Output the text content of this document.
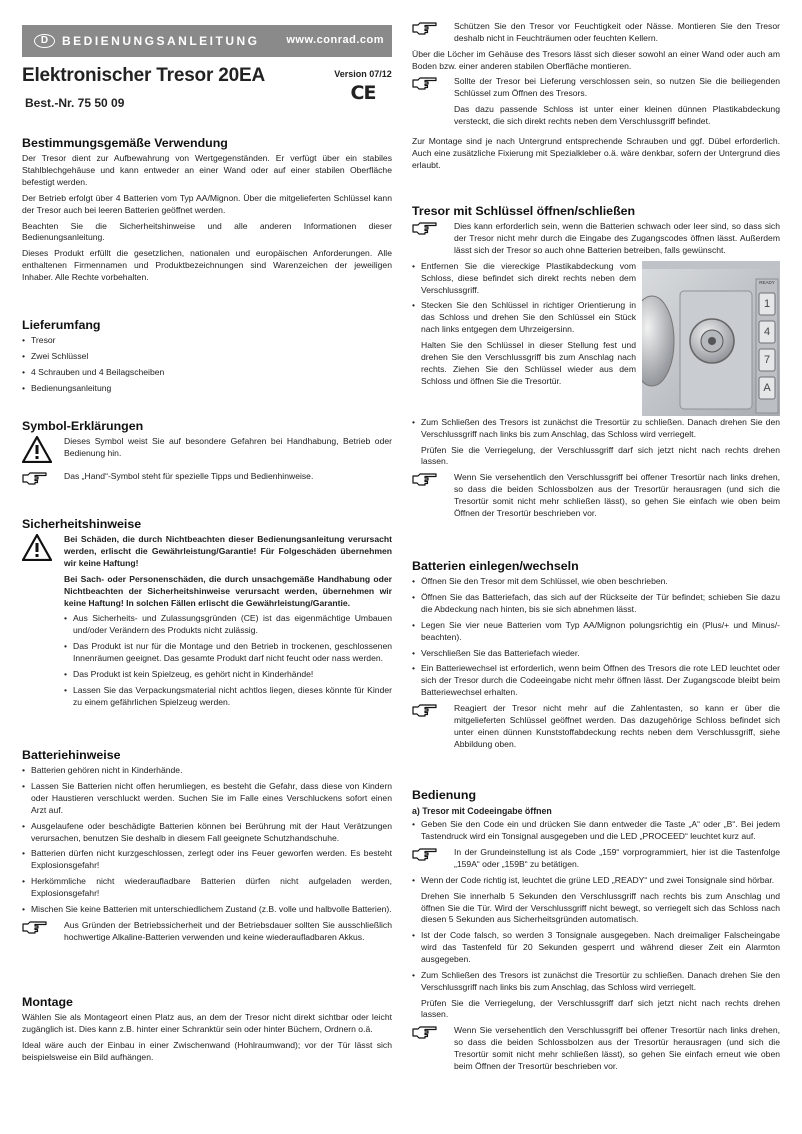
D	BEDIENUNGSANLEITUNG	www.conrad.com
Elektronischer Tresor 20EA	Version 07/12
CE
Best.-Nr. 75 50 09
Bestimmungsgemäße Verwendung

Der Tresor dient zur Aufbewahrung von Wertgegenständen. Er verfügt über ein stabiles Stahlblechgehäuse und kann entweder an einer Wand oder auf einer stabilen Oberfläche befestigt werden.

Der Betrieb erfolgt über 4 Batterien vom Typ AA/Mignon. Über die mitgelieferten Schlüssel kann der Tresor auch bei leeren Batterien geöffnet werden.

Beachten Sie die Sicherheitshinweise und alle anderen Informationen dieser Bedienungsanleitung.

Dieses Produkt erfüllt die gesetzlichen, nationalen und europäischen Anforderungen. Alle enthaltenen Firmennamen und Produktbezeichnungen sind Warenzeichen der jeweiligen Inhaber. Alle Rechte vorbehalten.

Lieferumfang
• Tresor
• Zwei Schlüssel
• 4 Schrauben und 4 Beilagscheiben
• Bedienungsanleitung
Symbol-Erklärungen
Dieses Symbol weist Sie auf besondere Gefahren bei Handhabung, Betrieb oder Bedienung hin.
Das „Hand“-Symbol steht für spezielle Tipps und Bedienhinweise.
Sicherheitshinweise

Bei Schäden, die durch Nichtbeachten dieser Bedienungsanleitung verursacht werden, erlischt die Gewährleistung/Garantie! Für Folgeschäden übernehmen wir keine Haftung!

Bei Sach- oder Personenschäden, die durch unsachgemäße Handhabung oder Nichtbeachten der Sicherheitshinweise verursacht werden, übernehmen wir keine Haftung! In solchen Fällen erlischt die Gewährleistung/Garantie.

• Aus Sicherheits- und Zulassungsgründen (CE) ist das eigenmächtige Umbauen und/oder Verändern des Produkts nicht zulässig.
• Das Produkt ist nur für die Montage und den Betrieb in trockenen, geschlossenen Innenräumen geeignet. Das gesamte Produkt darf nicht feucht oder nass werden.
• Das Produkt ist kein Spielzeug, es gehört nicht in Kinderhände!
• Lassen Sie das Verpackungsmaterial nicht achtlos liegen, dieses könnte für Kinder zu einem gefährlichen Spielzeug werden.
Batteriehinweise
• Batterien gehören nicht in Kinderhände.
• Lassen Sie Batterien nicht offen herumliegen, es besteht die Gefahr, dass diese von Kindern oder Haustieren verschluckt werden. Suchen Sie im Falle eines Verschluckens sofort einen Arzt auf.
• Ausgelaufene oder beschädigte Batterien können bei Berührung mit der Haut Verätzungen verursachen, benutzen Sie deshalb in diesem Fall geeignete Schutzhandschuhe.
• Batterien dürfen nicht kurzgeschlossen, zerlegt oder ins Feuer geworfen werden. Es besteht Explosionsgefahr!
• Herkömmliche nicht wiederaufladbare Batterien dürfen nicht aufgeladen werden, Explosionsgefahr!
• Mischen Sie keine Batterien mit unterschiedlichem Zustand (z.B. volle und halbvolle Batterien).
Aus Gründen der Betriebssicherheit und der Betriebsdauer sollten Sie ausschließlich hochwertige Alkaline-Batterien verwenden und keine wiederaufladbaren Akkus.
Montage

Wählen Sie als Montageort einen Platz aus, an dem der Tresor nicht direkt sichtbar oder leicht zugänglich ist. Dies kann z.B. hinter einer Schranktür sein oder hinter Büchern, Ordnern o.ä.

Ideal wäre auch der Einbau in einer Zwischenwand (Hohlraumwand); vor der Tür lässt sich beispielsweise ein Bild aufhängen.

Schützen Sie den Tresor vor Feuchtigkeit oder Nässe. Montieren Sie den Tresor deshalb nicht in Feuchträumen oder feuchten Kellern.

Über die Löcher im Gehäuse des Tresors lässt sich dieser sowohl an einer Wand oder auch am Boden bzw. einer anderen stabilen Oberfläche montieren.

Sollte der Tresor bei Lieferung verschlossen sein, so nutzen Sie die beiliegenden Schlüssel zum Öffnen des Tresors.

Das dazu passende Schloss ist unter einer kleinen dünnen Plastikabdeckung versteckt, die sich direkt rechts neben dem Verschlussgriff befindet.

Zur Montage sind je nach Untergrund entsprechende Schrauben und ggf. Dübel erforderlich. Auch eine zusätzliche Fixierung mit Spezialkleber o.ä. wäre denkbar, sofern der Untergrund dies erlaubt.

Tresor mit Schlüssel öffnen/schließen
Dies kann erforderlich sein, wenn die Batterien schwach oder leer sind, so dass sich der Tresor nicht mehr durch die Eingabe des Zugangscodes öffnen lässt. Außerdem lässt sich der Tresor so auch ohne Batterien betreiben, falls gewünscht.
• Entfernen Sie die viereckige Plastikabdeckung vom Schloss, diese befindet sich direkt rechts neben dem Verschlussgriff.
• Stecken Sie den Schlüssel in richtiger Orientierung in das Schloss und drehen Sie den Schlüssel ein Stück nach links entgegen dem Uhrzeigersinn.

Halten Sie den Schlüssel in dieser Stellung fest und drehen Sie den Verschlussgriff bis zum Anschlag nach rechts. Ziehen Sie den Schlüssel wieder aus dem Schloss und öffnen Sie die Tresortür.

READY
1
4
7
A
• Zum Schließen des Tresors ist zunächst die Tresortür zu schließen. Danach drehen Sie den Verschlussgriff nach links bis zum Anschlag, das Schloss wird verriegelt.

Prüfen Sie die Verriegelung, der Verschlussgriff darf sich jetzt nicht nach rechts drehen lassen.

Wenn Sie versehentlich den Verschlussgriff bei offener Tresortür nach links drehen, so dass die beiden Schlossbolzen aus der Tresortür herausragen (und sich die Tresortür somit nicht mehr schließen lässt), so gehen Sie einfach wie oben beim Öffnen der Tresortür beschrieben vor.
Batterien einlegen/wechseln
• Öffnen Sie den Tresor mit dem Schlüssel, wie oben beschrieben.
• Öffnen Sie das Batteriefach, das sich auf der Rückseite der Tür befindet; schieben Sie dazu die Abdeckung nach hinten, bis sie sich abnehmen lässt.
• Legen Sie vier neue Batterien vom Typ AA/Mignon polungsrichtig ein (Plus/+ und Minus/- beachten).
• Verschließen Sie das Batteriefach wieder.
• Ein Batteriewechsel ist erforderlich, wenn beim Öffnen des Tresors die rote LED leuchtet oder sich der Tresor durch die Codeeingabe nicht mehr öffnen lässt. Der Zugangscode bleibt beim Batteriewechsel erhalten.
Reagiert der Tresor nicht mehr auf die Zahlentasten, so kann er über die mitgelieferten Schlüssel geöffnet werden. Das dazugehörige Schloss befindet sich unter einen dünnen Kunststoffabdeckung rechts neben dem Verschlussgriff, siehe Abbildung oben.
Bedienung
a) Tresor mit Codeeingabe öffnen
• Geben Sie den Code ein und drücken Sie dann entweder die Taste „A“ oder „B“. Bei jedem Tastendruck wird ein Tonsignal ausgegeben und die LED „PROCEED“ leuchtet kurz auf.
In der Grundeinstellung ist als Code „159“ vorprogrammiert, hier ist die Tastenfolge „159A“ oder „159B“ zu betätigen.
• Wenn der Code richtig ist, leuchtet die grüne LED „READY“ und zwei Tonsignale sind hörbar.

Drehen Sie innerhalb 5 Sekunden den Verschlussgriff nach rechts bis zum Anschlag und öffnen Sie die Tür. Wird der Verschlussgriff nicht bewegt, so verriegelt sich das Schloss nach diesen 5 Sekunden aus Sicherheitsgründen automatisch.

• Ist der Code falsch, so werden 3 Tonsignale ausgegeben. Nach dreimaliger Falscheingabe wird das Tastenfeld für 20 Sekunden gesperrt und während dieser Zeit ein Alarmton ausgegeben.
• Zum Schließen des Tresors ist zunächst die Tresortür zu schließen. Danach drehen Sie den Verschlussgriff nach links bis zum Anschlag, das Schloss wird verriegelt.

Prüfen Sie die Verriegelung, der Verschlussgriff darf sich jetzt nicht nach rechts drehen lassen.

Wenn Sie versehentlich den Verschlussgriff bei offener Tresortür nach links drehen, so dass die beiden Schlossbolzen aus der Tresortür herausragen (und sich die Tresortür somit nicht mehr schließen lässt), so gehen Sie einfach erneut wie oben beim Öffnen der Tresortür beschrieben vor.
